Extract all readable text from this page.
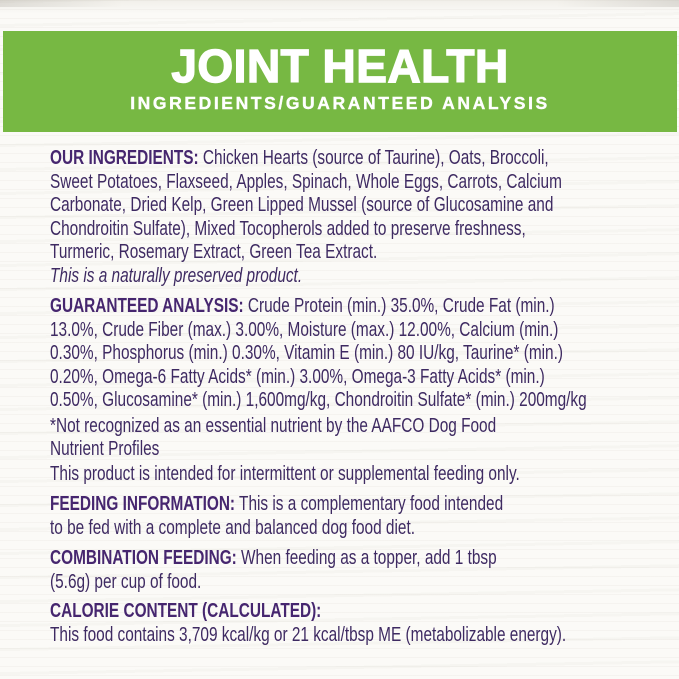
JOINT HEALTH
INGREDIENTS/GUARANTEED ANALYSIS
OUR INGREDIENTS: Chicken Hearts (source of Taurine), Oats, Broccoli,
Sweet Potatoes, Flaxseed, Apples, Spinach, Whole Eggs, Carrots, Calcium
Carbonate, Dried Kelp, Green Lipped Mussel (source of Glucosamine and
Chondroitin Sulfate), Mixed Tocopherols added to preserve freshness,
Turmeric, Rosemary Extract, Green Tea Extract.
This is a naturally preserved product.
GUARANTEED ANALYSIS: Crude Protein (min.) 35.0%, Crude Fat (min.)
13.0%, Crude Fiber (max.) 3.00%, Moisture (max.) 12.00%, Calcium (min.)
0.30%, Phosphorus (min.) 0.30%, Vitamin E (min.) 80 IU/kg, Taurine* (min.)
0.20%, Omega-6 Fatty Acids* (min.) 3.00%, Omega-3 Fatty Acids* (min.)
0.50%, Glucosamine* (min.) 1,600mg/kg, Chondroitin Sulfate* (min.) 200mg/kg
*Not recognized as an essential nutrient by the AAFCO Dog Food
Nutrient Profiles
This product is intended for intermittent or supplemental feeding only.
FEEDING INFORMATION: This is a complementary food intended
to be fed with a complete and balanced dog food diet.
COMBINATION FEEDING: When feeding as a topper, add 1 tbsp
(5.6g) per cup of food.
CALORIE CONTENT (CALCULATED):
This food contains 3,709 kcal/kg or 21 kcal/tbsp ME (metabolizable energy).
